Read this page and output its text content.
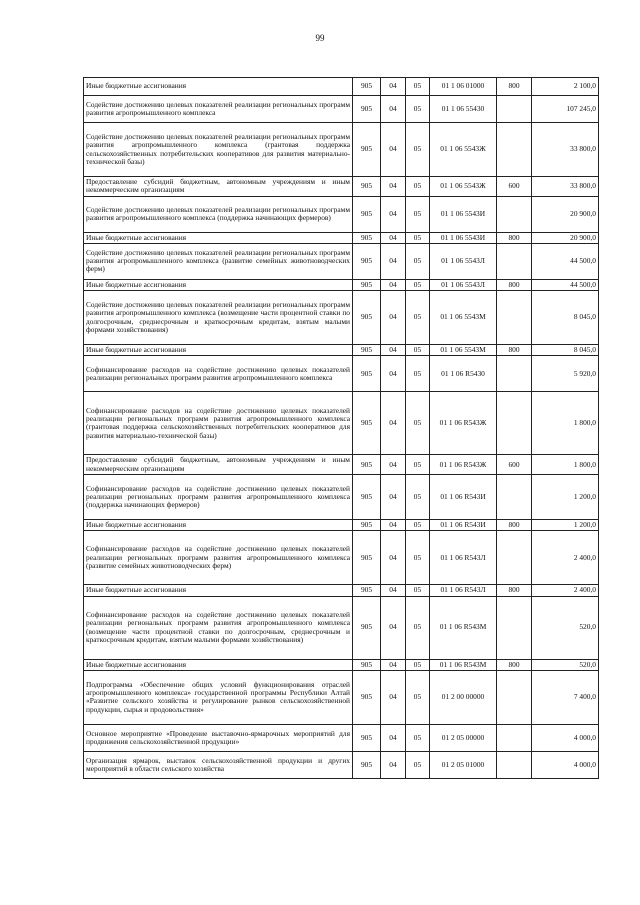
99
Иные бюджетные ассигнования	905	04	05	01 1 06 01000	800	2 100,0
Содействие достижению целевых показателей реализации региональных программ развития агропромышленного комплекса	905	04	05	01 1 06 55430		107 245,0
Содействие достижению целевых показателей реализации региональных программ развития агропромышленного комплекса (грантовая поддержка сельскохозяйственных потребительских кооперативов для развития материально-технической базы)	905	04	05	01 1 06 5543Ж		33 800,0
Предоставление субсидий бюджетным, автономным учреждениям и иным некоммерческим организациям	905	04	05	01 1 06 5543Ж	600	33 800,0
Содействие достижению целевых показателей реализации региональных программ развития агропромышленного комплекса (поддержка начинающих фермеров)	905	04	05	01 1 06 5543И		20 900,0
Иные бюджетные ассигнования	905	04	05	01 1 06 5543И	800	20 900,0
Содействие достижению целевых показателей реализации региональных программ развития агропромышленного комплекса (развитие семейных животноводческих ферм)	905	04	05	01 1 06 5543Л		44 500,0
Иные бюджетные ассигнования	905	04	05	01 1 06 5543Л	800	44 500,0
Содействие достижению целевых показателей реализации региональных программ развития агропромышленного комплекса (возмещение части процентной ставки по долгосрочным, среднесрочным и краткосрочным кредитам, взятым малыми формами хозяйствования)	905	04	05	01 1 06 5543М		8 045,0
Иные бюджетные ассигнования	905	04	05	01 1 06 5543М	800	8 045,0
Софинансирование расходов на содействие достижению целевых показателей реализации региональных программ развития агропромышленного комплекса	905	04	05	01 1 06 R5430		5 920,0
Софинансирование расходов на содействие достижению целевых показателей реализации региональных программ развития агропромышленного комплекса (грантовая поддержка сельскохозяйственных потребительских кооперативов для развития материально-технической базы)	905	04	05	01 1 06 R543Ж		1 800,0
Предоставление субсидий бюджетным, автономным учреждениям и иным некоммерческим организациям	905	04	05	01 1 06 R543Ж	600	1 800,0
Софинансирование расходов на содействие достижению целевых показателей реализации региональных программ развития агропромышленного комплекса (поддержка начинающих фермеров)	905	04	05	01 1 06 R543И		1 200,0
Иные бюджетные ассигнования	905	04	05	01 1 06 R543И	800	1 200,0
Софинансирование расходов на содействие достижению целевых показателей реализации региональных программ развития агропромышленного комплекса (развитие семейных животноводческих ферм)	905	04	05	01 1 06 R543Л		2 400,0
Иные бюджетные ассигнования	905	04	05	01 1 06 R543Л	800	2 400,0
Софинансирование расходов на содействие достижению целевых показателей реализации региональных программ развития агропромышленного комплекса (возмещение части процентной ставки по долгосрочным, среднесрочным и краткосрочным кредитам, взятым малыми формами хозяйствования)	905	04	05	01 1 06 R543М		520,0
Иные бюджетные ассигнования	905	04	05	01 1 06 R543М	800	520,0
Подпрограмма «Обеспечение общих условий функционирования отраслей агропромышленного комплекса» государственной программы Республики Алтай «Развитие сельского хозяйства и регулирование рынков сельскохозяйственной продукции, сырья и продовольствия»	905	04	05	01 2 00 00000		7 400,0
Основное мероприятие «Проведение выставочно-ярмарочных мероприятий для продвижения сельскохозяйственной продукции»	905	04	05	01 2 05 00000		4 000,0
Организация ярмарок, выставок сельскохозяйственной продукции и других мероприятий в области сельского хозяйства	905	04	05	01 2 05 01000		4 000,0
